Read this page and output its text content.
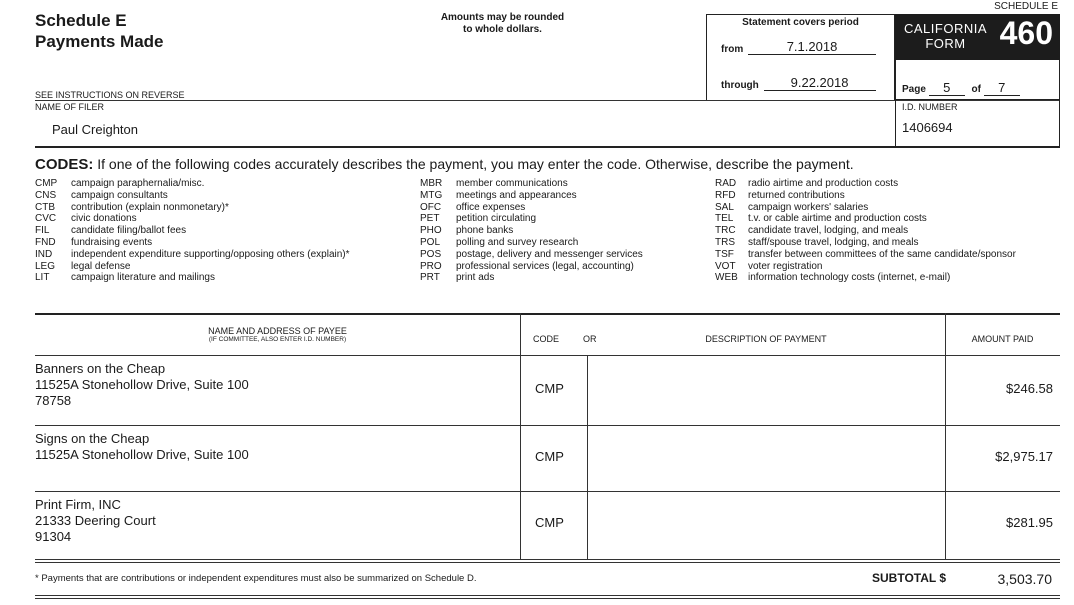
Schedule E
Payments Made
Amounts may be rounded
to whole dollars.
SCHEDULE E
Statement covers period
from	7.1.2018
through 9.22.2018
CALIFORNIA
FORM	460
Page 5 of 7
SEE INSTRUCTIONS ON REVERSE
NAME OF FILER
Paul Creighton
I.D. NUMBER
1406694
CODES: If one of the following codes accurately describes the payment, you may enter the code. Otherwise, describe the payment.
CMP campaign paraphernalia/misc.
CNS campaign consultants
CTB contribution (explain nonmonetary)*
CVC civic donations
FIL candidate filing/ballot fees
FND fundraising events
IND independent expenditure supporting/opposing others (explain)*
LEG legal defense
LIT campaign literature and mailings
MBR member communications
MTG meetings and appearances
OFC office expenses
PET petition circulating
PHO phone banks
POL polling and survey research
POS postage, delivery and messenger services
PRO professional services (legal, accounting)
PRT print ads
RAD radio airtime and production costs
RFD returned contributions
SAL campaign workers' salaries
TEL t.v. or cable airtime and production costs
TRC candidate travel, lodging, and meals
TRS staff/spouse travel, lodging, and meals
TSF transfer between committees of the same candidate/sponsor
VOT voter registration
WEB information technology costs (internet, e-mail)
NAME AND ADDRESS OF PAYEE
(IF COMMITTEE, ALSO ENTER I.D. NUMBER)	CODE	OR	DESCRIPTION OF PAYMENT	AMOUNT PAID
Banners on the Cheap
11525A Stonehollow Drive, Suite 100
78758
CMP	$246.58
Signs on the Cheap
11525A Stonehollow Drive, Suite 100	CMP	$2,975.17
Print Firm, INC
21333 Deering Court
91304
CMP	$281.95
* Payments that are contributions or independent expenditures must also be summarized on Schedule D.	SUBTOTAL $	3,503.70
